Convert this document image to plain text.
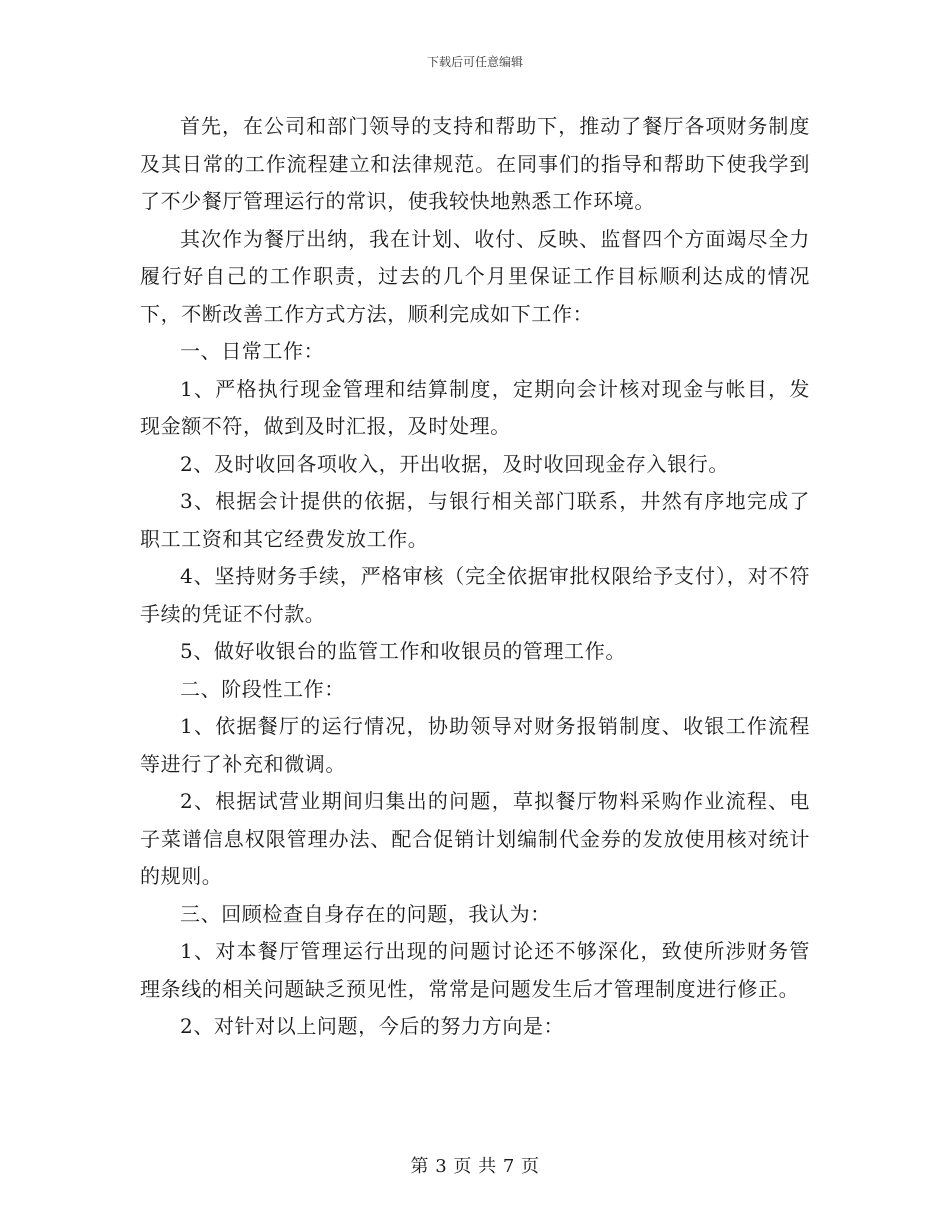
下载后可任意编辑

首先，在公司和部门领导的支持和帮助下，推动了餐厅各项财务制度及其日常的工作流程建立和法律规范。在同事们的指导和帮助下使我学到了不少餐厅管理运行的常识，使我较快地熟悉工作环境。

其次作为餐厅出纳，我在计划、收付、反映、监督四个方面竭尽全力履行好自己的工作职责，过去的几个月里保证工作目标顺利达成的情况下，不断改善工作方式方法，顺利完成如下工作：

一、日常工作：

1、严格执行现金管理和结算制度，定期向会计核对现金与帐目，发现金额不符，做到及时汇报，及时处理。

2、及时收回各项收入，开出收据，及时收回现金存入银行。

3、根据会计提供的依据，与银行相关部门联系，井然有序地完成了职工工资和其它经费发放工作。

4、坚持财务手续，严格审核（完全依据审批权限给予支付），对不符手续的凭证不付款。

5、做好收银台的监管工作和收银员的管理工作。

二、阶段性工作：

1、依据餐厅的运行情况，协助领导对财务报销制度、收银工作流程等进行了补充和微调。

2、根据试营业期间归集出的问题，草拟餐厅物料采购作业流程、电子菜谱信息权限管理办法、配合促销计划编制代金券的发放使用核对统计的规则。

三、回顾检查自身存在的问题，我认为：

1、对本餐厅管理运行出现的问题讨论还不够深化，致使所涉财务管理条线的相关问题缺乏预见性，常常是问题发生后才管理制度进行修正。

2、对针对以上问题，今后的努力方向是：

第 3 页 共 7 页
